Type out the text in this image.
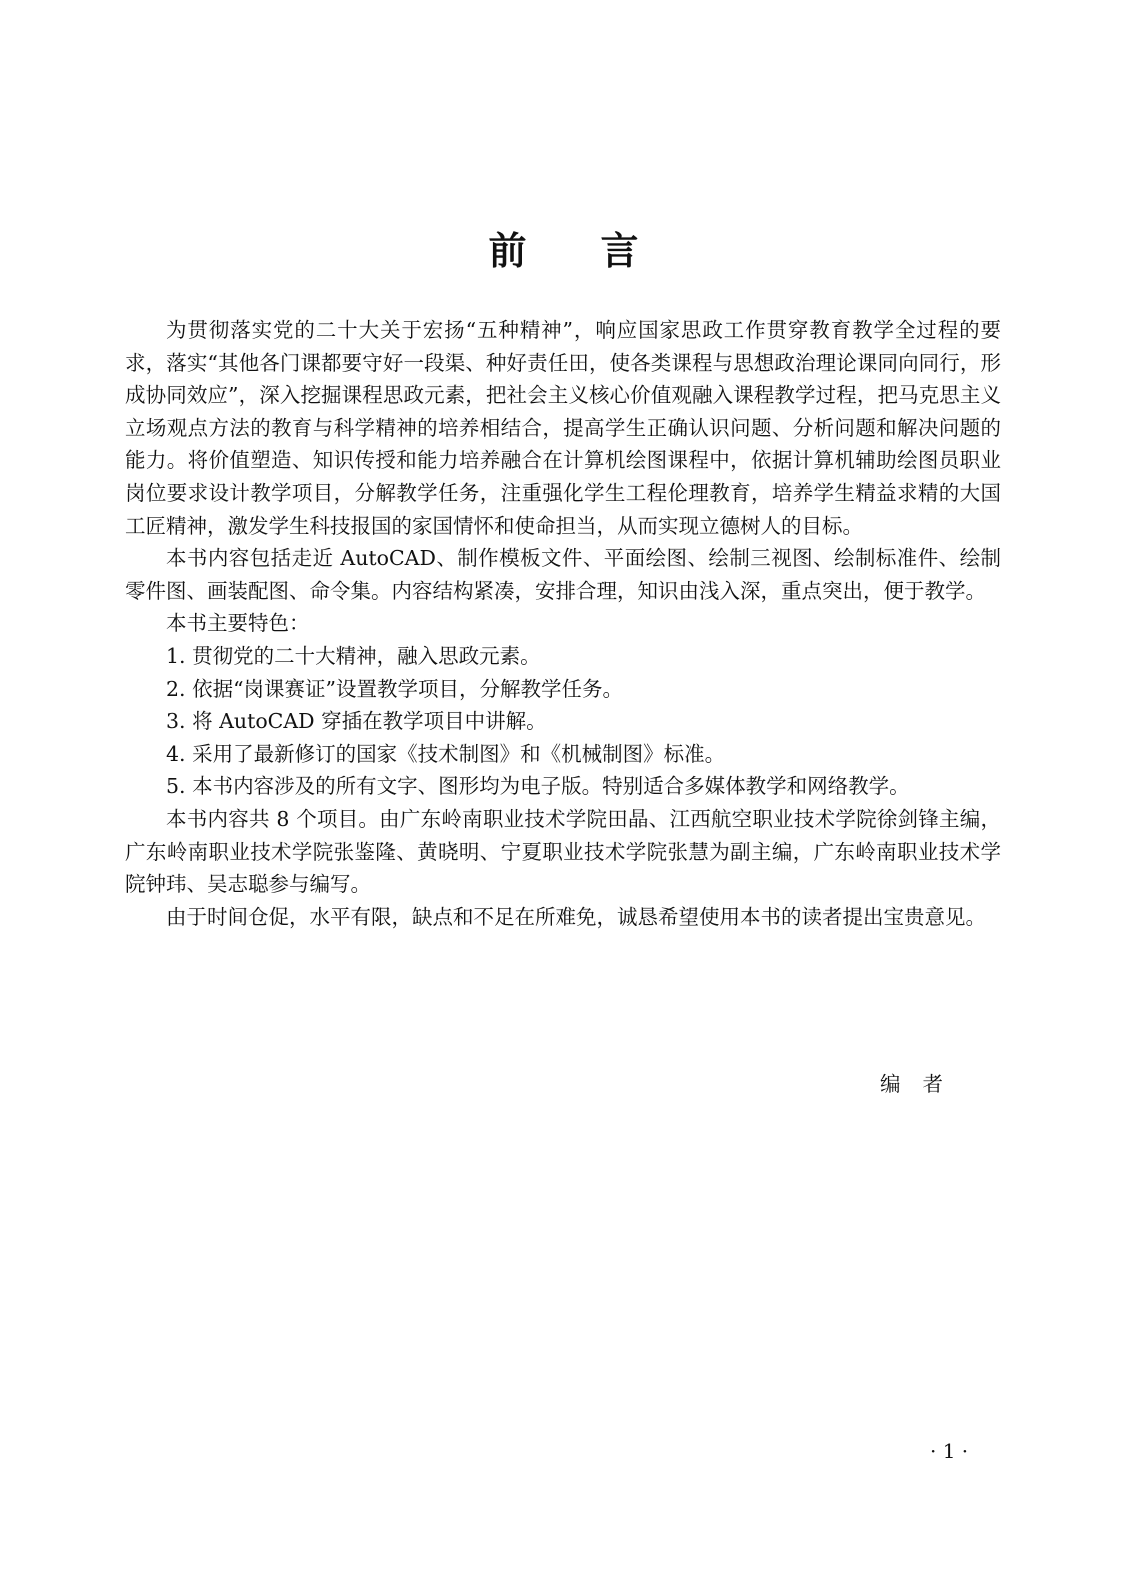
前言

为贯彻落实党的二十大关于宏扬“五种精神”，响应国家思政工作贯穿教育教学全过程的要求，落实“其他各门课都要守好一段渠、种好责任田，使各类课程与思想政治理论课同向同行，形成协同效应”，深入挖掘课程思政元素，把社会主义核心价值观融入课程教学过程，把马克思主义立场观点方法的教育与科学精神的培养相结合，提高学生正确认识问题、分析问题和解决问题的能力。将价值塑造、知识传授和能力培养融合在计算机绘图课程中，依据计算机辅助绘图员职业岗位要求设计教学项目，分解教学任务，注重强化学生工程伦理教育，培养学生精益求精的大国工匠精神，激发学生科技报国的家国情怀和使命担当，从而实现立德树人的目标。

本书内容包括走近 AutoCAD、制作模板文件、平面绘图、绘制三视图、绘制标准件、绘制零件图、画装配图、命令集。内容结构紧凑，安排合理，知识由浅入深，重点突出，便于教学。

本书主要特色：

1. 贯彻党的二十大精神，融入思政元素。

2. 依据“岗课赛证”设置教学项目，分解教学任务。

3. 将 AutoCAD 穿插在教学项目中讲解。

4. 采用了最新修订的国家《技术制图》和《机械制图》标准。

5. 本书内容涉及的所有文字、图形均为电子版。特别适合多媒体教学和网络教学。

本书内容共 8 个项目。由广东岭南职业技术学院田晶、江西航空职业技术学院徐剑锋主编，广东岭南职业技术学院张鉴隆、黄晓明、宁夏职业技术学院张慧为副主编，广东岭南职业技术学院钟玮、吴志聪参与编写。

由于时间仓促，水平有限，缺点和不足在所难免，诚恳希望使用本书的读者提出宝贵意见。

编者
· 1 ·
